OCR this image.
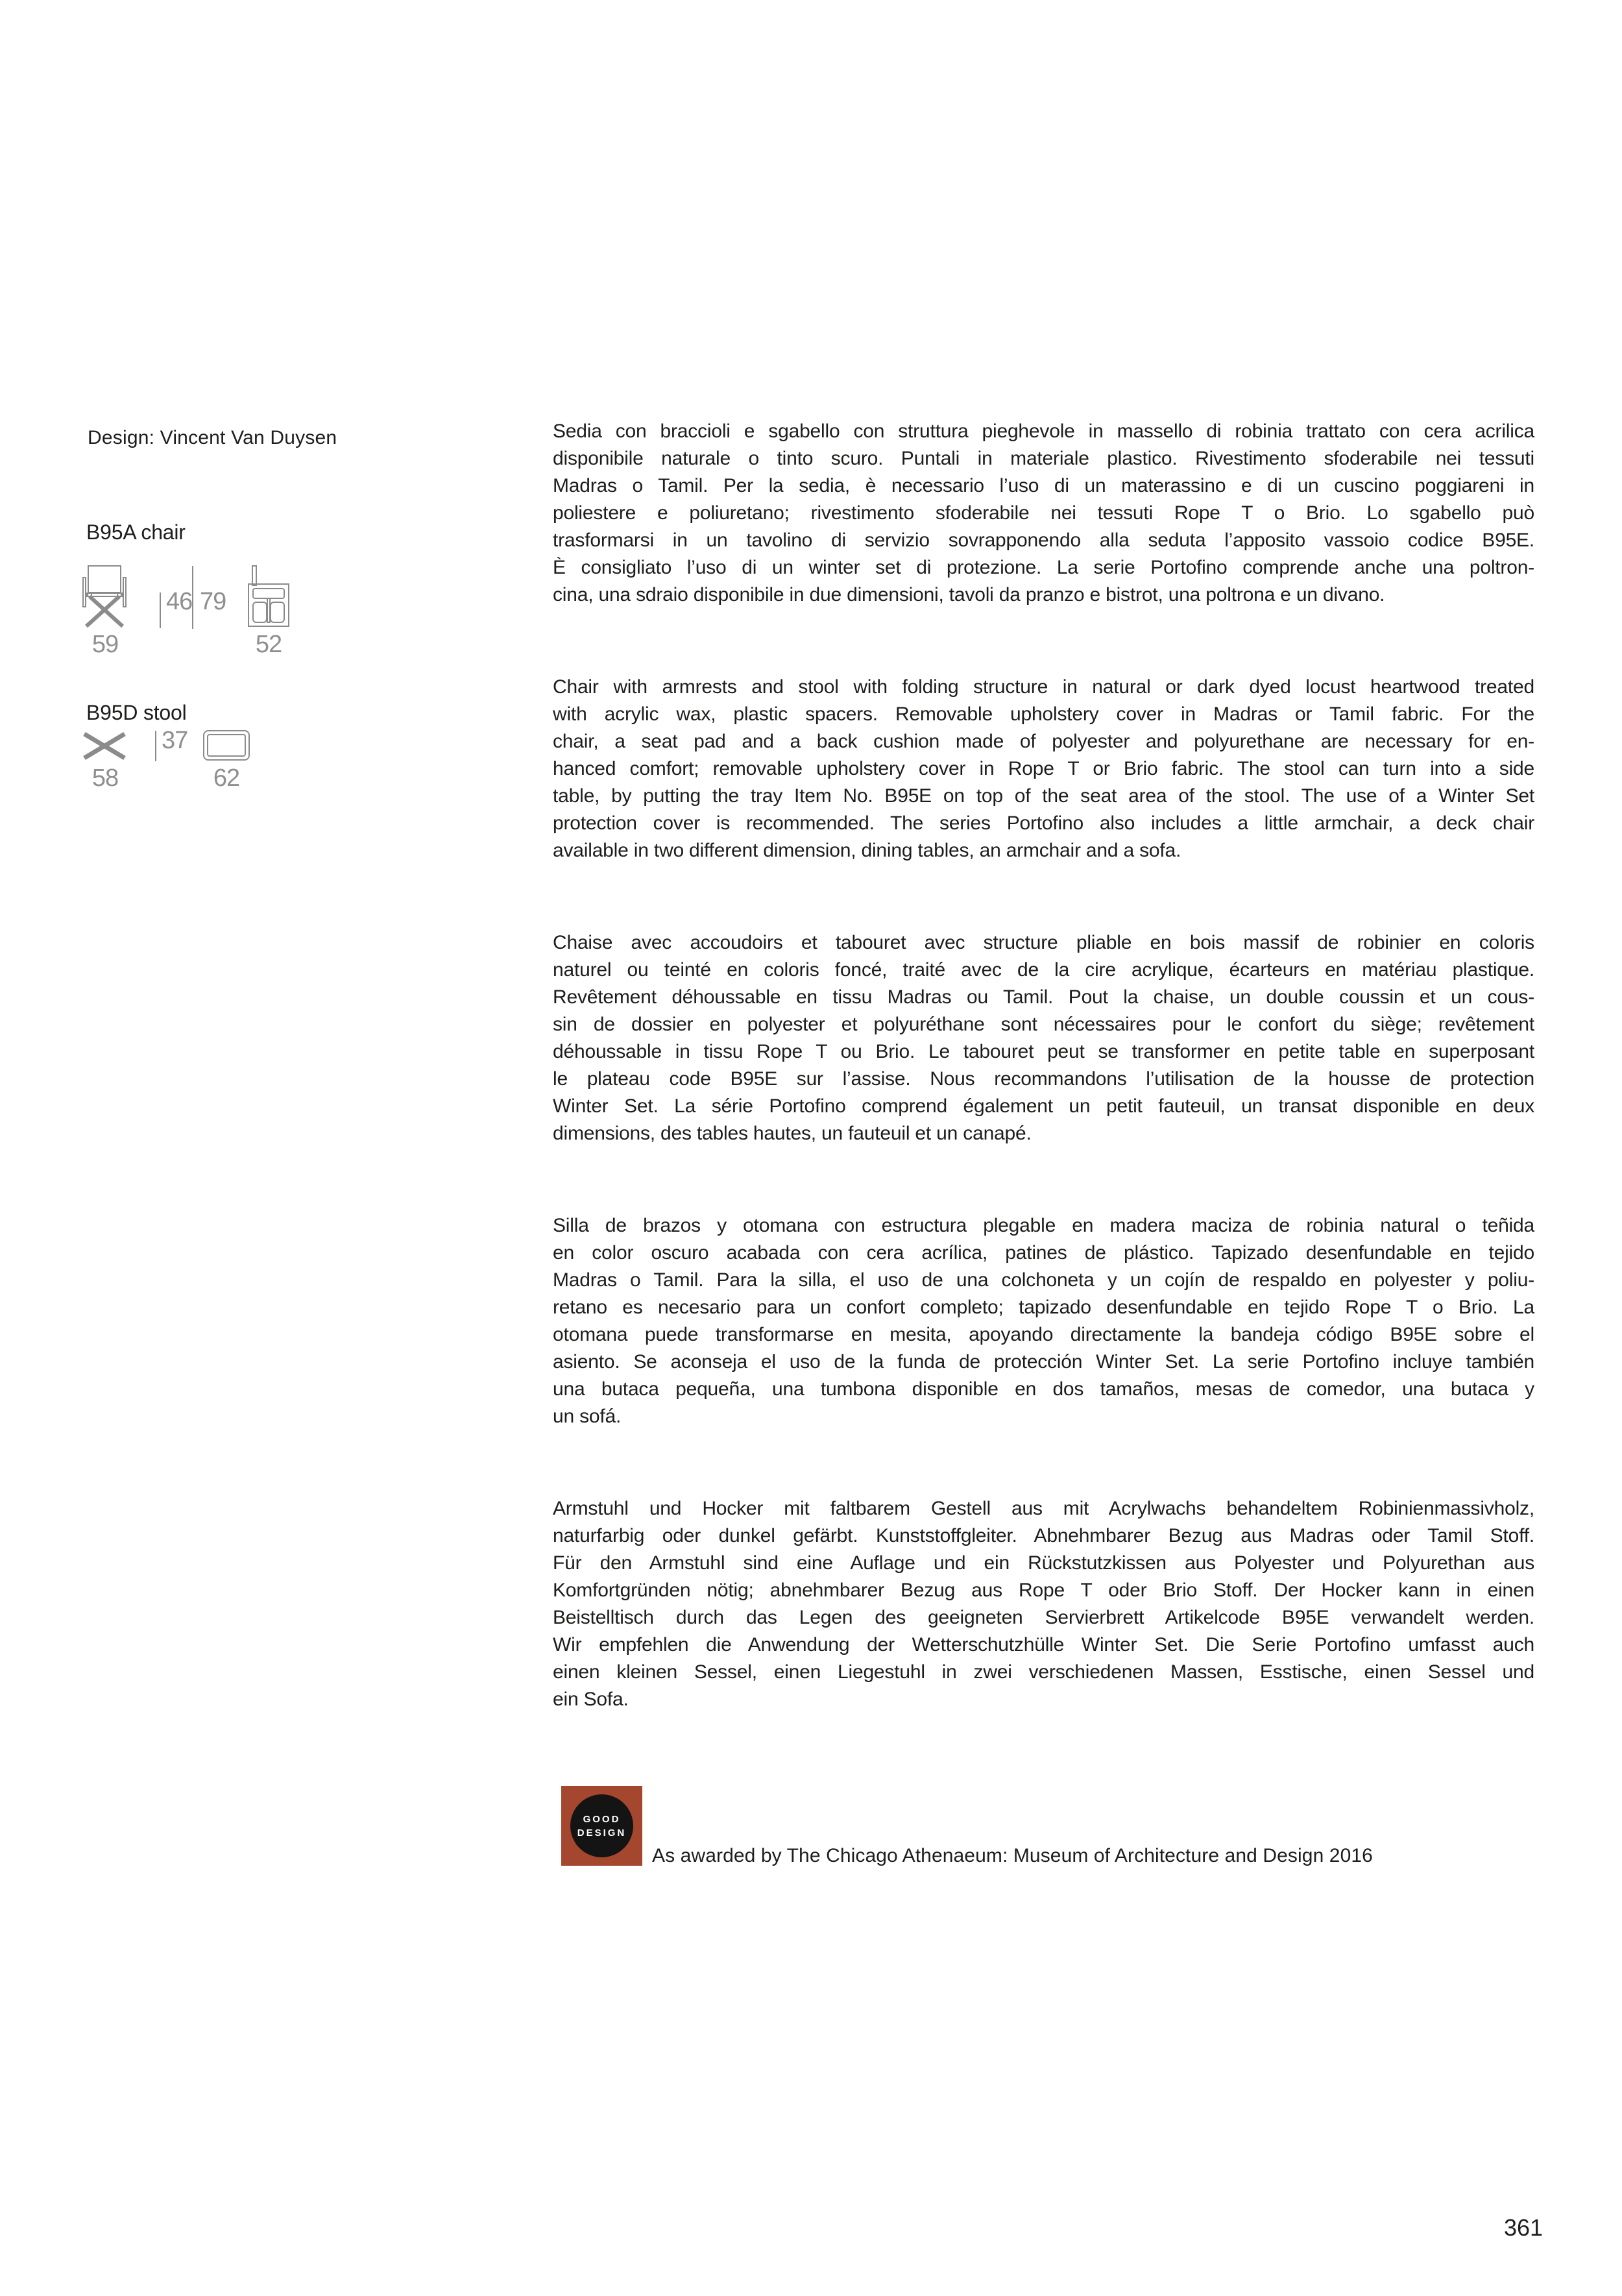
Design: Vincent Van Duysen
B95A chair
59
46 79
52
B95D stool
58
37
62
Sedia con braccioli e sgabello con struttura pieghevole in massello di robinia trattato con cera acrilica
disponibile naturale o tinto scuro. Puntali in materiale plastico. Rivestimento sfoderabile nei tessuti
Madras o Tamil. Per la sedia, è necessario l’uso di un materassino e di un cuscino poggiareni in
poliestere e poliuretano; rivestimento sfoderabile nei tessuti Rope T o Brio. Lo sgabello può
trasformarsi in un tavolino di servizio sovrapponendo alla seduta l’apposito vassoio codice B95E.
È consigliato l’uso di un winter set di protezione. La serie Portofino comprende anche una poltron-
cina, una sdraio disponibile in due dimensioni, tavoli da pranzo e bistrot, una poltrona e un divano.
Chair with armrests and stool with folding structure in natural or dark dyed locust heartwood treated
with acrylic wax, plastic spacers. Removable upholstery cover in Madras or Tamil fabric. For the
chair, a seat pad and a back cushion made of polyester and polyurethane are necessary for en-
hanced comfort; removable upholstery cover in Rope T or Brio fabric. The stool can turn into a side
table, by putting the tray Item No. B95E on top of the seat area of the stool. The use of a Winter Set
protection cover is recommended. The series Portofino also includes a little armchair, a deck chair
available in two different dimension, dining tables, an armchair and a sofa.
Chaise avec accoudoirs et tabouret avec structure pliable en bois massif de robinier en coloris
naturel ou teinté en coloris foncé, traité avec de la cire acrylique, écarteurs en matériau plastique.
Revêtement déhoussable en tissu Madras ou Tamil. Pout la chaise, un double coussin et un cous-
sin de dossier en polyester et polyuréthane sont nécessaires pour le confort du siège; revêtement
déhoussable in tissu Rope T ou Brio. Le tabouret peut se transformer en petite table en superposant
le plateau code B95E sur l’assise. Nous recommandons l’utilisation de la housse de protection
Winter Set. La série Portofino comprend également un petit fauteuil, un transat disponible en deux
dimensions, des tables hautes, un fauteuil et un canapé.
Silla de brazos y otomana con estructura plegable en madera maciza de robinia natural o teñida
en color oscuro acabada con cera acrílica, patines de plástico. Tapizado desenfundable en tejido
Madras o Tamil. Para la silla, el uso de una colchoneta y un cojín de respaldo en polyester y poliu-
retano es necesario para un confort completo; tapizado desenfundable en tejido Rope T o Brio. La
otomana puede transformarse en mesita, apoyando directamente la bandeja código B95E sobre el
asiento. Se aconseja el uso de la funda de protección Winter Set. La serie Portofino incluye también
una butaca pequeña, una tumbona disponible en dos tamaños, mesas de comedor, una butaca y
un sofá.
Armstuhl und Hocker mit faltbarem Gestell aus mit Acrylwachs behandeltem Robinienmassivholz,
naturfarbig oder dunkel gefärbt. Kunststoffgleiter. Abnehmbarer Bezug aus Madras oder Tamil Stoff.
Für den Armstuhl sind eine Auflage und ein Rückstutzkissen aus Polyester und Polyurethan aus
Komfortgründen nötig; abnehmbarer Bezug aus Rope T oder Brio Stoff. Der Hocker kann in einen
Beistelltisch durch das Legen des geeigneten Servierbrett Artikelcode B95E verwandelt werden.
Wir empfehlen die Anwendung der Wetterschutzhülle Winter Set. Die Serie Portofino umfasst auch
einen kleinen Sessel, einen Liegestuhl in zwei verschiedenen Massen, Esstische, einen Sessel und
ein Sofa.
GOOD
DESIGN
As awarded by The Chicago Athenaeum: Museum of Architecture and Design 2016
361
